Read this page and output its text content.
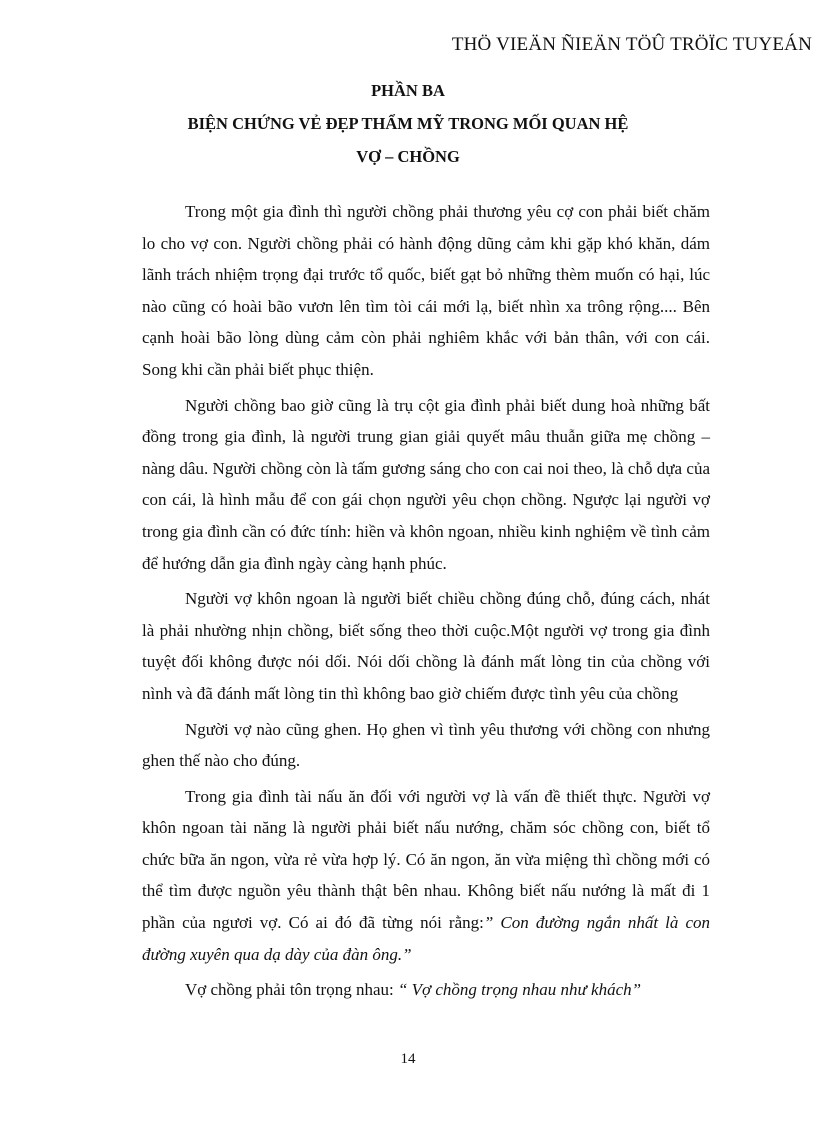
THÖ VIEÄN ÑIEÄN TÖÛ TRÖÏC TUYEÁN
PHẦN BA
BIỆN CHỨNG VẺ ĐẸP THẨM MỸ TRONG MỐI QUAN HỆ
VỢ – CHỒNG

Trong một gia đình thì người chồng phải thương yêu cợ con phải biết chăm lo cho vợ con. Người chồng phải có hành động dũng cảm khi gặp khó khăn, dám lãnh trách nhiệm trọng đại trước tổ quốc, biết gạt bỏ những thèm muốn có hại, lúc nào cũng có hoài bão vươn lên tìm tòi cái mới lạ, biết nhìn xa trông rộng.... Bên cạnh hoài bão lòng dùng cảm còn phải nghiêm khắc với bản thân, với con cái. Song khi cần phải biết phục thiện.

Người chồng bao giờ cũng là trụ cột gia đình phải biết dung hoà những bất đồng trong gia đình, là người trung gian giải quyết mâu thuẫn giữa mẹ chồng – nàng dâu. Người chồng còn là tấm gương sáng cho con cai noi theo, là chỗ dựa của con cái, là hình mẫu để con gái chọn người yêu chọn chồng. Ngược lại người vợ trong gia đình cần có đức tính: hiền và khôn ngoan, nhiều kinh nghiệm về tình cảm để hướng dẫn gia đình ngày càng hạnh phúc.

Người vợ khôn ngoan là người biết chiều chồng đúng chỗ, đúng cách, nhát là phải nhường nhịn chồng, biết sống theo thời cuộc.Một người vợ trong gia đình tuyệt đối không được nói dối. Nói dối chồng là đánh mất lòng tin của chồng với nình và đã đánh mất lòng tin thì không bao giờ chiếm được tình yêu của chồng

Người vợ nào cũng ghen. Họ ghen vì tình yêu thương với chồng con nhưng ghen thế nào cho đúng.

Trong gia đình tài nấu ăn đối với người vợ là vấn đề thiết thực. Người vợ khôn ngoan tài năng là người phải biết nấu nướng, chăm sóc chồng con, biết tổ chức bữa ăn ngon, vừa rẻ vừa hợp lý. Có ăn ngon, ăn vừa miệng thì chồng mới có thể tìm được nguồn yêu thành thật bên nhau. Không biết nấu nướng là mất đi 1 phần của ngươi vợ. Có ai đó đã từng nói rằng:” Con đường ngắn nhất là con đường xuyên qua dạ dày của đàn ông.”

Vợ chồng phải tôn trọng nhau: “ Vợ chồng trọng nhau như khách”

14
